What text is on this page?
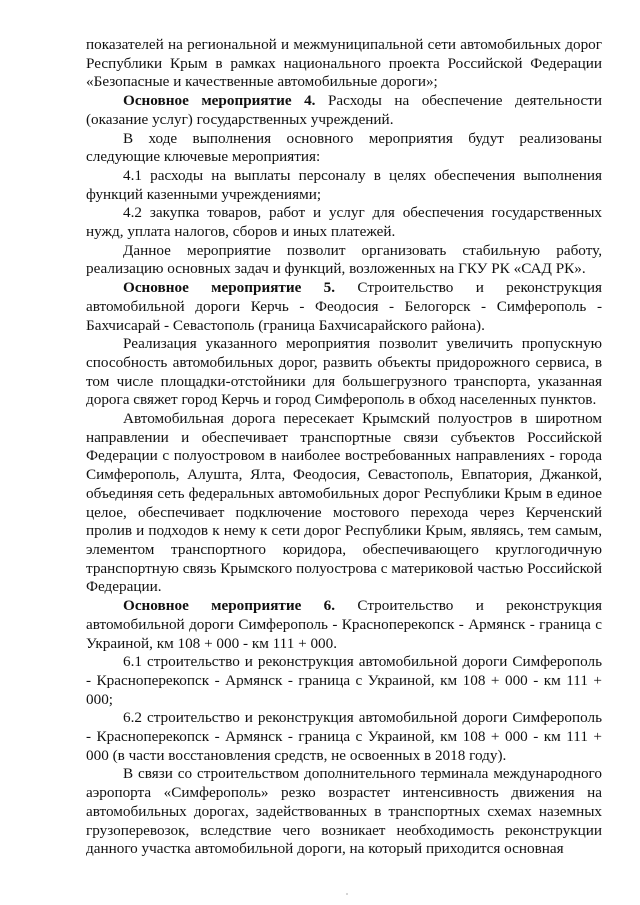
показателей на региональной и межмуниципальной сети автомобильных дорог Республики Крым в рамках национального проекта Российской Федерации «Безопасные и качественные автомобильные дороги»;

Основное мероприятие 4. Расходы на обеспечение деятельности (оказание услуг) государственных учреждений.

В ходе выполнения основного мероприятия будут реализованы следующие ключевые мероприятия:

4.1 расходы на выплаты персоналу в целях обеспечения выполнения функций казенными учреждениями;

4.2 закупка товаров, работ и услуг для обеспечения государственных нужд, уплата налогов, сборов и иных платежей.

Данное мероприятие позволит организовать стабильную работу, реализацию основных задач и функций, возложенных на ГКУ РК «САД РК».

Основное мероприятие 5. Строительство и реконструкция автомобильной дороги Керчь - Феодосия - Белогорск - Симферополь - Бахчисарай - Севастополь (граница Бахчисарайского района).

Реализация указанного мероприятия позволит увеличить пропускную способность автомобильных дорог, развить объекты придорожного сервиса, в том числе площадки-отстойники для большегрузного транспорта, указанная дорога свяжет город Керчь и город Симферополь в обход населенных пунктов.

Автомобильная дорога пересекает Крымский полуостров в широтном направлении и обеспечивает транспортные связи субъектов Российской Федерации с полуостровом в наиболее востребованных направлениях - города Симферополь, Алушта, Ялта, Феодосия, Севастополь, Евпатория, Джанкой, объединяя сеть федеральных автомобильных дорог Республики Крым в единое целое, обеспечивает подключение мостового перехода через Керченский пролив и подходов к нему к сети дорог Республики Крым, являясь, тем самым, элементом транспортного коридора, обеспечивающего круглогодичную транспортную связь Крымского полуострова с материковой частью Российской Федерации.

Основное мероприятие 6. Строительство и реконструкция автомобильной дороги Симферополь - Красноперекопск - Армянск - граница с Украиной, км 108 + 000 - км 111 + 000.

6.1 строительство и реконструкция автомобильной дороги Симферополь - Красноперекопск - Армянск - граница с Украиной, км 108 + 000 - км 111 + 000;

6.2 строительство и реконструкция автомобильной дороги Симферополь - Красноперекопск - Армянск - граница с Украиной, км 108 + 000 - км 111 + 000 (в части восстановления средств, не освоенных в 2018 году).

В связи со строительством дополнительного терминала международного аэропорта «Симферополь» резко возрастет интенсивность движения на автомобильных дорогах, задействованных в транспортных схемах наземных грузоперевозок, вследствие чего возникает необходимость реконструкции данного участка автомобильной дороги, на который приходится основная
